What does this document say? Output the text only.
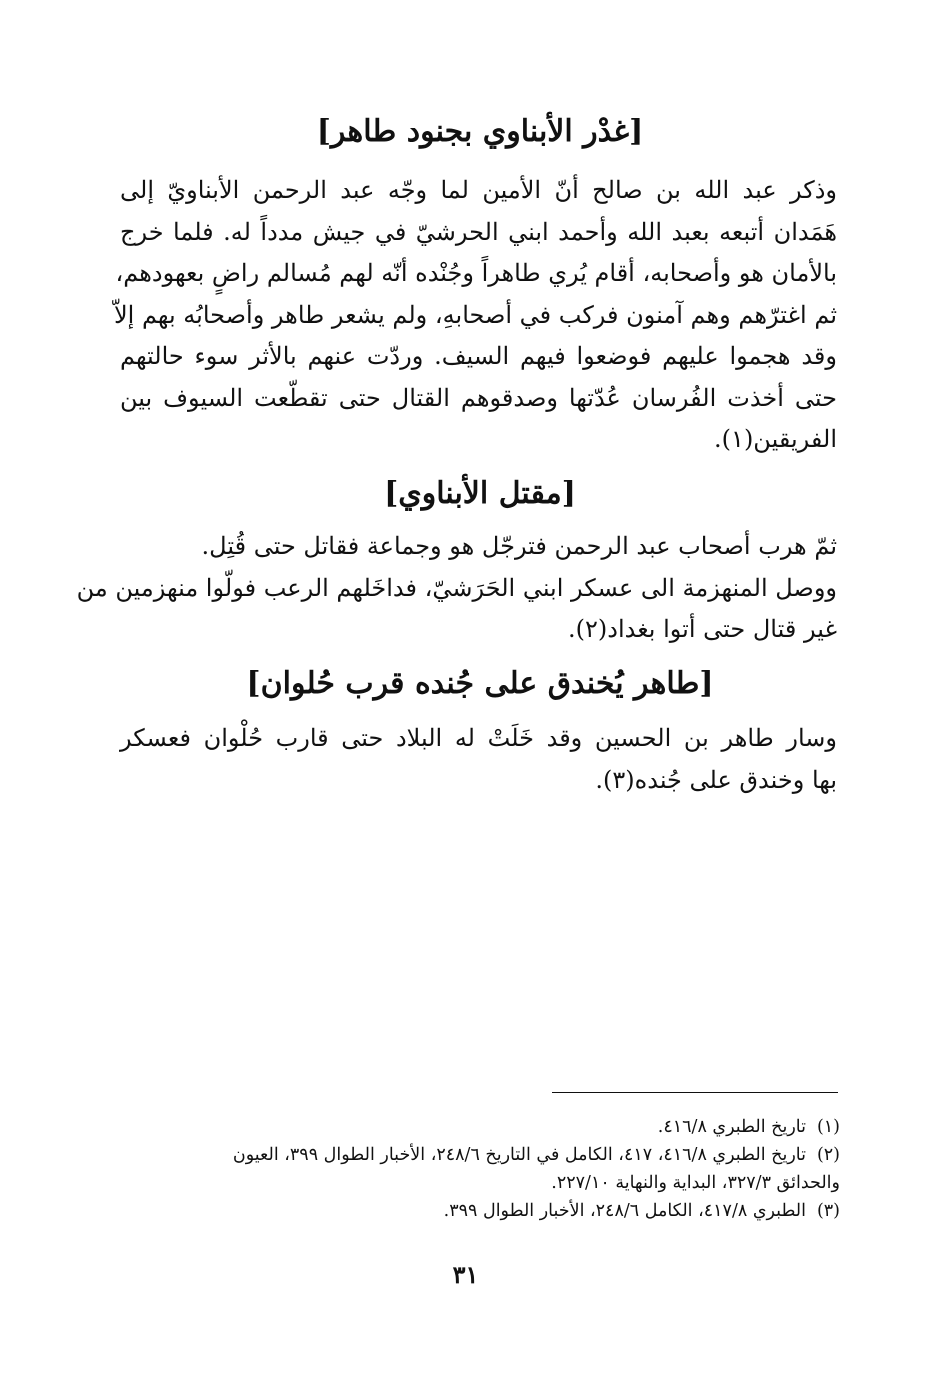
[غدْر الأبناوي بجنود طاهر]
وذكر عبد الله بن صالح أنّ الأمين لما وجّه عبد الرحمن الأبناويّ إلى
هَمَدان أتبعه بعبد الله وأحمد ابني الحرشيّ في جيش مدداً له. فلما خرج
بالأمان هو وأصحابه، أقام يُري طاهراً وجُنْده أنّه لهم مُسالم راضٍ بعهودهم،
ثم اغترّهم وهم آمنون فركب في أصحابهِ، ولم يشعر طاهر وأصحابُه بهم إلاّ
وقد هجموا عليهم فوضعوا فيهم السيف. وردّت عنهم بالأثر سوء حالتهم
حتى أخذت الفُرسان عُدّتها وصدقوهم القتال حتى تقطّعت السيوف بين
الفريقين(١).
[مقتل الأبناوي]
ثمّ هرب أصحاب عبد الرحمن فترجّل هو وجماعة فقاتل حتى قُتِل.
ووصل المنهزمة الى عسكر ابني الحَرَشيّ، فداخَلهم الرعب فولّوا منهزمين من
غير قتال حتى أتوا بغداد(٢).
[طاهر يُخندق على جُنده قرب حُلوان]
وسار طاهر بن الحسين وقد خَلَتْ له البلاد حتى قارب حُلْوان فعسكر
بها وخندق على جُنده(٣).
(١)تاريخ الطبري ٤١٦/٨.
(٢)تاريخ الطبري ٤١٦/٨، ٤١٧، الكامل في التاريخ ٢٤٨/٦، الأخبار الطوال ٣٩٩، العيون
والحدائق ٣٢٧/٣، البداية والنهاية ٢٢٧/١٠.
(٣)الطبري ٤١٧/٨، الكامل ٢٤٨/٦، الأخبار الطوال ٣٩٩.
٣١
